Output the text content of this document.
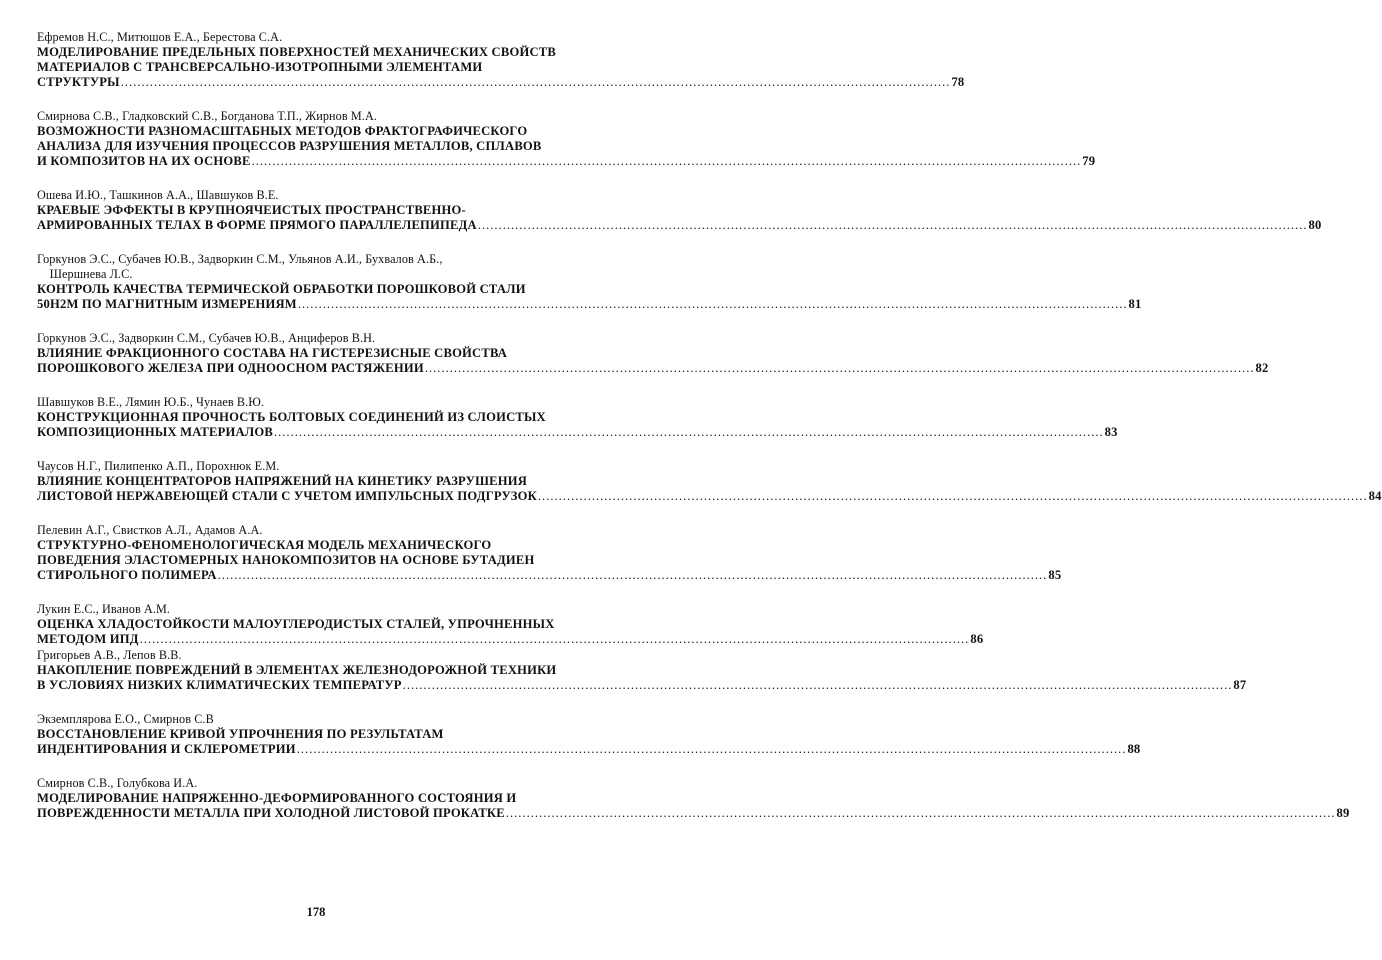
Ефремов Н.С., Митюшов Е.А., Берестова С.А.
МОДЕЛИРОВАНИЕ ПРЕДЕЛЬНЫХ ПОВЕРХНОСТЕЙ МЕХАНИЧЕСКИХ СВОЙСТВ
МАТЕРИАЛОВ С ТРАНСВЕРСАЛЬНО-ИЗОТРОПНЫМИ ЭЛЕМЕНТАМИ
СТРУКТУРЫ ........................................................................................................................................................................................................ 78
Смирнова С.В., Гладковский С.В., Богданова Т.П., Жирнов М.А.
ВОЗМОЖНОСТИ РАЗНОМАСШТАБНЫХ МЕТОДОВ ФРАКТОГРАФИЧЕСКОГО
АНАЛИЗА ДЛЯ ИЗУЧЕНИЯ ПРОЦЕССОВ РАЗРУШЕНИЯ МЕТАЛЛОВ, СПЛАВОВ
И КОМПОЗИТОВ НА ИХ ОСНОВЕ ........................................................................................................................................................................................................ 79
Ошева И.Ю., Ташкинов А.А., Шавшуков В.Е.
КРАЕВЫЕ ЭФФЕКТЫ В КРУПНОЯЧЕИСТЫХ ПРОСТРАНСТВЕННО-
АРМИРОВАННЫХ ТЕЛАХ В ФОРМЕ ПРЯМОГО ПАРАЛЛЕЛЕПИПЕДА ........................................................................................................................................................................................................ 80
Горкунов Э.С., Субачев Ю.В., Задворкин С.М., Ульянов А.И., Бухвалов А.Б.,
Шершнева Л.С.
КОНТРОЛЬ КАЧЕСТВА ТЕРМИЧЕСКОЙ ОБРАБОТКИ ПОРОШКОВОЙ СТАЛИ
50Н2М ПО МАГНИТНЫМ ИЗМЕРЕНИЯМ ........................................................................................................................................................................................................ 81
Горкунов Э.С., Задворкин С.М., Субачев Ю.В., Анциферов В.Н.
ВЛИЯНИЕ ФРАКЦИОННОГО СОСТАВА НА ГИСТЕРЕЗИСНЫЕ СВОЙСТВА
ПОРОШКОВОГО ЖЕЛЕЗА ПРИ ОДНООСНОМ РАСТЯЖЕНИИ ........................................................................................................................................................................................................ 82
Шавшуков В.Е., Лямин Ю.Б., Чунаев В.Ю.
КОНСТРУКЦИОННАЯ ПРОЧНОСТЬ БОЛТОВЫХ СОЕДИНЕНИЙ ИЗ СЛОИСТЫХ
КОМПОЗИЦИОННЫХ МАТЕРИАЛОВ ........................................................................................................................................................................................................ 83
Чаусов Н.Г., Пилипенко А.П., Порохнюк Е.М.
ВЛИЯНИЕ КОНЦЕНТРАТОРОВ НАПРЯЖЕНИЙ НА КИНЕТИКУ РАЗРУШЕНИЯ
ЛИСТОВОЙ НЕРЖАВЕЮЩЕЙ СТАЛИ С УЧЕТОМ ИМПУЛЬСНЫХ ПОДГРУЗОК ........................................................................................................................................................................................................ 84
Пелевин А.Г., Свистков А.Л., Адамов А.А.
СТРУКТУРНО-ФЕНОМЕНОЛОГИЧЕСКАЯ МОДЕЛЬ МЕХАНИЧЕСКОГО
ПОВЕДЕНИЯ ЭЛАСТОМЕРНЫХ НАНОКОМПОЗИТОВ НА ОСНОВЕ БУТАДИЕН
СТИРОЛЬНОГО ПОЛИМЕРА ........................................................................................................................................................................................................ 85
Лукин Е.С., Иванов А.М.
ОЦЕНКА ХЛАДОСТОЙКОСТИ МАЛОУГЛЕРОДИСТЫХ СТАЛЕЙ, УПРОЧНЕННЫХ
МЕТОДОМ ИПД ........................................................................................................................................................................................................ 86
Григорьев А.В., Лепов В.В.
НАКОПЛЕНИЕ ПОВРЕЖДЕНИЙ В ЭЛЕМЕНТАХ ЖЕЛЕЗНОДОРОЖНОЙ ТЕХНИКИ
В УСЛОВИЯХ НИЗКИХ КЛИМАТИЧЕСКИХ ТЕМПЕРАТУР ........................................................................................................................................................................................................ 87
Экземплярова Е.О., Смирнов С.В
ВОССТАНОВЛЕНИЕ КРИВОЙ УПРОЧНЕНИЯ ПО РЕЗУЛЬТАТАМ
ИНДЕНТИРОВАНИЯ И СКЛЕРОМЕТРИИ ........................................................................................................................................................................................................ 88
Смирнов С.В., Голубкова И.А.
МОДЕЛИРОВАНИЕ НАПРЯЖЕННО-ДЕФОРМИРОВАННОГО СОСТОЯНИЯ И
ПОВРЕЖДЕННОСТИ МЕТАЛЛА ПРИ ХОЛОДНОЙ ЛИСТОВОЙ ПРОКАТКЕ ........................................................................................................................................................................................................ 89
178
